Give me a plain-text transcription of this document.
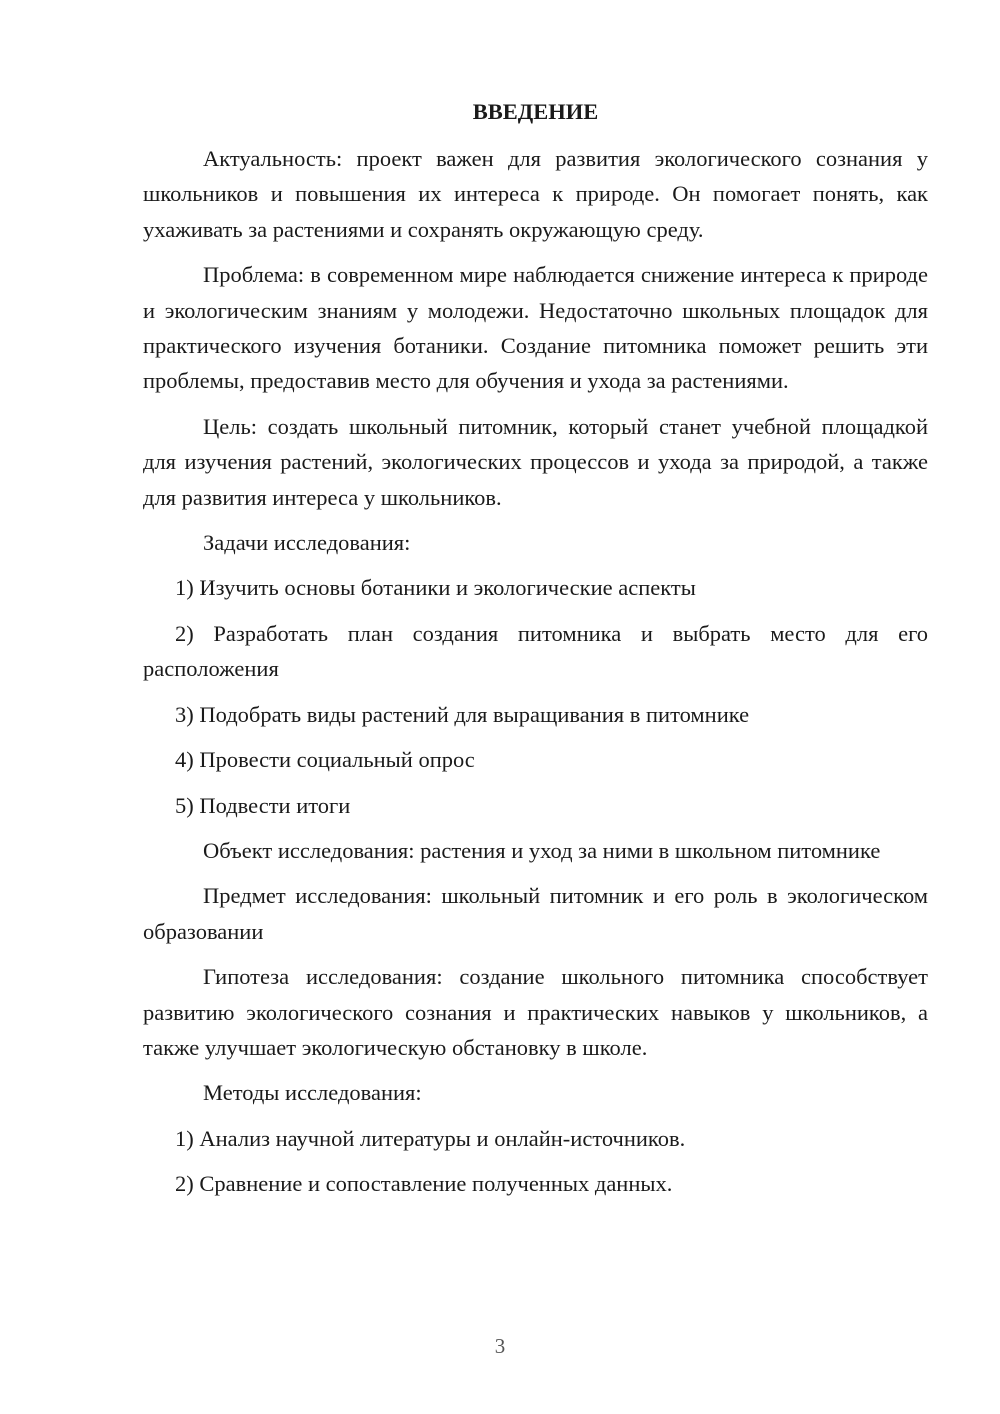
ВВЕДЕНИЕ

Актуальность: проект важен для развития экологического сознания у школьников и повышения их интереса к природе. Он помогает понять, как ухаживать за растениями и сохранять окружающую среду.

Проблема: в современном мире наблюдается снижение интереса к природе и экологическим знаниям у молодежи. Недостаточно школьных площадок для практического изучения ботаники. Создание питомника поможет решить эти проблемы, предоставив место для обучения и ухода за растениями.

Цель: создать школьный питомник, который станет учебной площадкой для изучения растений, экологических процессов и ухода за природой, а также для развития интереса у школьников.

Задачи исследования:

1) Изучить основы ботаники и экологические аспекты

2) Разработать план создания питомника и выбрать место для его расположения

3) Подобрать виды растений для выращивания в питомнике

4) Провести социальный опрос

5) Подвести итоги

Объект исследования: растения и уход за ними в школьном питомнике

Предмет исследования: школьный питомник и его роль в экологическом образовании

Гипотеза исследования: создание школьного питомника способствует развитию экологического сознания и практических навыков у школьников, а также улучшает экологическую обстановку в школе.

Методы исследования:

1) Анализ научной литературы и онлайн-источников.

2) Сравнение и сопоставление полученных данных.

3
